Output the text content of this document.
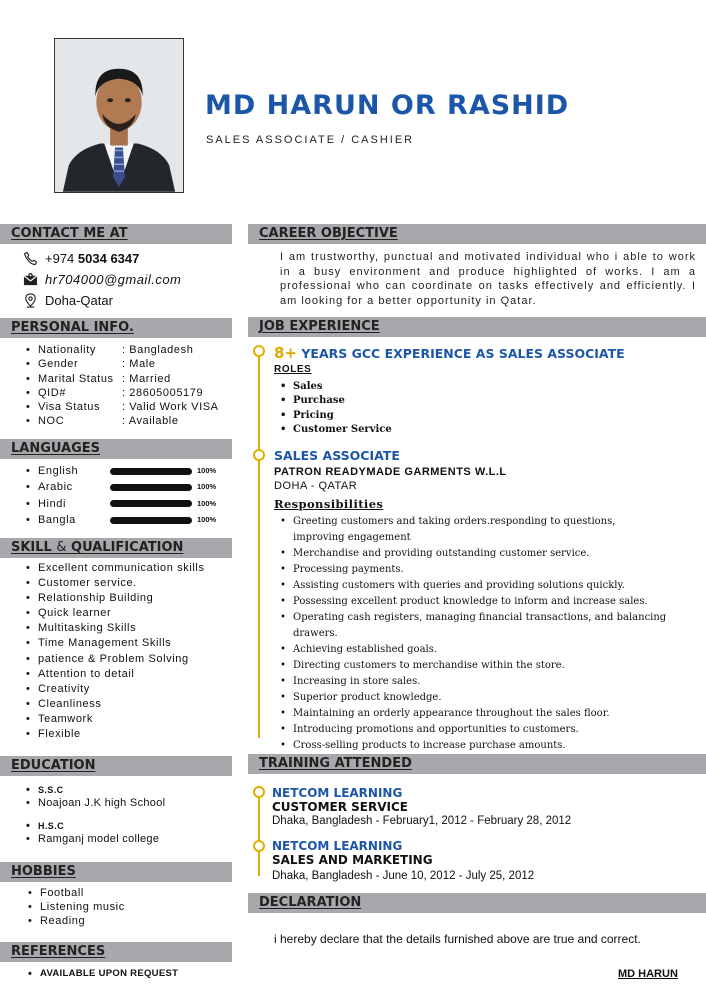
MD HARUN OR RASHID
SALES ASSOCIATE / CASHIER
CONTACT ME AT
+974 5034 6347
hr704000@gmail.com
Doha-Qatar
PERSONAL INFO.
• Nationality	: Bangladesh
• Gender	: Male
• Marital Status : Married
• QID#	: 28605005179
• Visa Status	: Valid Work VISA
• NOC	: Available
LANGUAGES
• English	100%
• Arabic	100%
• Hindi	100%
• Bangla	100%
SKILL & QUALIFICATION
• Excellent communication skills
• Customer service.
• Relationship Building
• Quick learner
• Multitasking Skills
• Time Management Skills
• patience & Problem Solving
• Attention to detail
• Creativity
• Cleanliness
• Teamwork
• Flexible
EDUCATION
• S.S.C
• Noajoan J.K high School
• H.S.C
• Ramganj model college
HOBBIES
• Football
• Listening music
• Reading
REFERENCES
• AVAILABLE UPON REQUEST
CAREER OBJECTIVE
I am trustworthy, punctual and motivated individual who i able to work in a busy environment and produce highlighted of works. I am a professional who can coordinate on tasks effectively and efficiently. I am looking for a better opportunity in Qatar.
JOB EXPERIENCE
8+ YEARS GCC EXPERIENCE AS SALES ASSOCIATE
ROLES
• Sales
• Purchase
• Pricing
• Customer Service
SALES ASSOCIATE
PATRON READYMADE GARMENTS W.L.L
DOHA - QATAR
Responsibilities
• Greeting customers and taking orders.responding to questions, improving engagement
• Merchandise and providing outstanding customer service.
• Processing payments.
• Assisting customers with queries and providing solutions quickly.
• Possessing excellent product knowledge to inform and increase sales.
• Operating cash registers, managing financial transactions, and balancing drawers.
• Achieving established goals.
• Directing customers to merchandise within the store.
• Increasing in store sales.
• Superior product knowledge.
• Maintaining an orderly appearance throughout the sales floor.
• Introducing promotions and opportunities to customers.
• Cross-selling products to increase purchase amounts.
TRAINING ATTENDED
NETCOM LEARNING
CUSTOMER SERVICE
Dhaka, Bangladesh - February1, 2012 - February 28, 2012
NETCOM LEARNING
SALES AND MARKETING
Dhaka, Bangladesh - June 10, 2012 - July 25, 2012
DECLARATION
i hereby declare that the details furnished above are true and correct.
MD HARUN
